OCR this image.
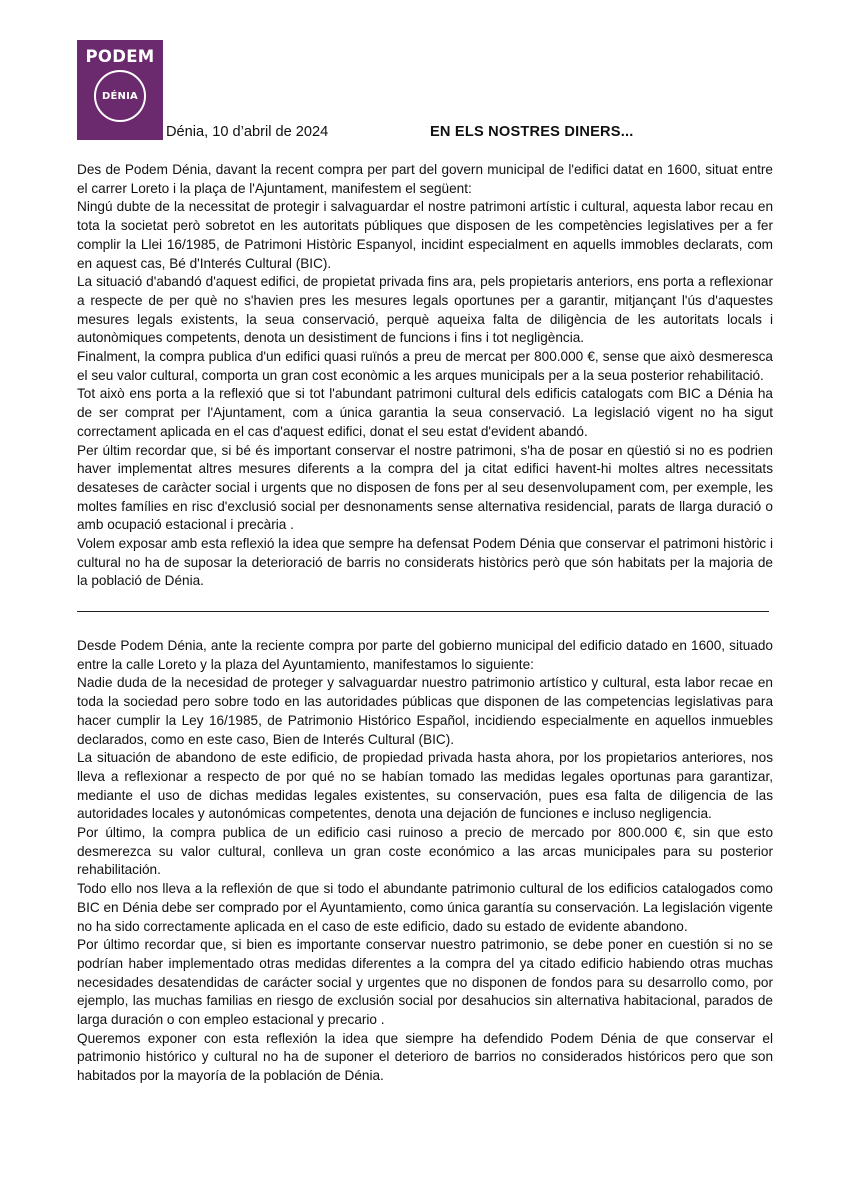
PODEM
DÉNIA
Dénia, 10 d’abril de 2024	EN ELS NOSTRES DINERS...

Des de Podem Dénia, davant la recent compra per part del govern municipal de l'edifici datat en 1600, situat entre el carrer Loreto i la plaça de l'Ajuntament, manifestem el següent:

Ningú dubte de la necessitat de protegir i salvaguardar el nostre patrimoni artístic i cultural, aquesta labor recau en tota la societat però sobretot en les autoritats públiques que disposen de les competències legislatives per a fer complir la Llei 16/1985, de Patrimoni Històric Espanyol, incidint especialment en aquells immobles declarats, com en aquest cas, Bé d'Interés Cultural (BIC).

La situació d'abandó d'aquest edifici, de propietat privada fins ara, pels propietaris anteriors, ens porta a reflexionar a respecte de per què no s'havien pres les mesures legals oportunes per a garantir, mitjançant l'ús d'aquestes mesures legals existents, la seua conservació, perquè aqueixa falta de diligència de les autoritats locals i autonòmiques competents, denota un desistiment de funcions i fins i tot negligència.

Finalment, la compra publica d'un edifici quasi ruïnós a preu de mercat per 800.000 €, sense que això desmeresca el seu valor cultural, comporta un gran cost econòmic a les arques municipals per a la seua posterior rehabilitació.

Tot això ens porta a la reflexió que si tot l'abundant patrimoni cultural dels edificis catalogats com BIC a Dénia ha de ser comprat per l'Ajuntament, com a única garantia la seua conservació. La legislació vigent no ha sigut correctament aplicada en el cas d'aquest edifici, donat el seu estat d'evident abandó.

Per últim recordar que, si bé és important conservar el nostre patrimoni, s'ha de posar en qüestió si no es podrien haver implementat altres mesures diferents a la compra del ja citat edifici havent-hi moltes altres necessitats desateses de caràcter social i urgents que no disposen de fons per al seu desenvolupament com, per exemple, les moltes famílies en risc d'exclusió social per desnonaments sense alternativa residencial, parats de llarga duració o amb ocupació estacional i precària .

Volem exposar amb esta reflexió la idea que sempre ha defensat Podem Dénia que conservar el patrimoni històric i cultural no ha de suposar la deterioració de barris no considerats històrics però que són habitats per la majoria de la població de Dénia.

Desde Podem Dénia, ante la reciente compra por parte del gobierno municipal del edificio datado en 1600, situado entre la calle Loreto y la plaza del Ayuntamiento, manifestamos lo siguiente:

Nadie duda de la necesidad de proteger y salvaguardar nuestro patrimonio artístico y cultural, esta labor recae en toda la sociedad pero sobre todo en las autoridades públicas que disponen de las competencias legislativas para hacer cumplir la Ley 16/1985, de Patrimonio Histórico Español, incidiendo especialmente en aquellos inmuebles declarados, como en este caso, Bien de Interés Cultural (BIC).

La situación de abandono de este edificio, de propiedad privada hasta ahora, por los propietarios anteriores, nos lleva a reflexionar a respecto de por qué no se habían tomado las medidas legales oportunas para garantizar, mediante el uso de dichas medidas legales existentes, su conservación, pues esa falta de diligencia de las autoridades locales y autonómicas competentes, denota una dejación de funciones e incluso negligencia.

Por último, la compra publica de un edificio casi ruinoso a precio de mercado por 800.000 €, sin que esto desmerezca su valor cultural, conlleva un gran coste económico a las arcas municipales para su posterior rehabilitación.

Todo ello nos lleva a la reflexión de que si todo el abundante patrimonio cultural de los edificios catalogados como BIC en Dénia debe ser comprado por el Ayuntamiento, como única garantía su conservación. La legislación vigente no ha sido correctamente aplicada en el caso de este edificio, dado su estado de evidente abandono.

Por último recordar que, si bien es importante conservar nuestro patrimonio, se debe poner en cuestión si no se podrían haber implementado otras medidas diferentes a la compra del ya citado edificio habiendo otras muchas necesidades desatendidas de carácter social y urgentes que no disponen de fondos para su desarrollo como, por ejemplo, las muchas familias en riesgo de exclusión social por desahucios sin alternativa habitacional, parados de larga duración o con empleo estacional y precario .

Queremos exponer con esta reflexión la idea que siempre ha defendido Podem Dénia de que conservar el patrimonio histórico y cultural no ha de suponer el deterioro de barrios no considerados históricos pero que son habitados por la mayoría de la población de Dénia.
